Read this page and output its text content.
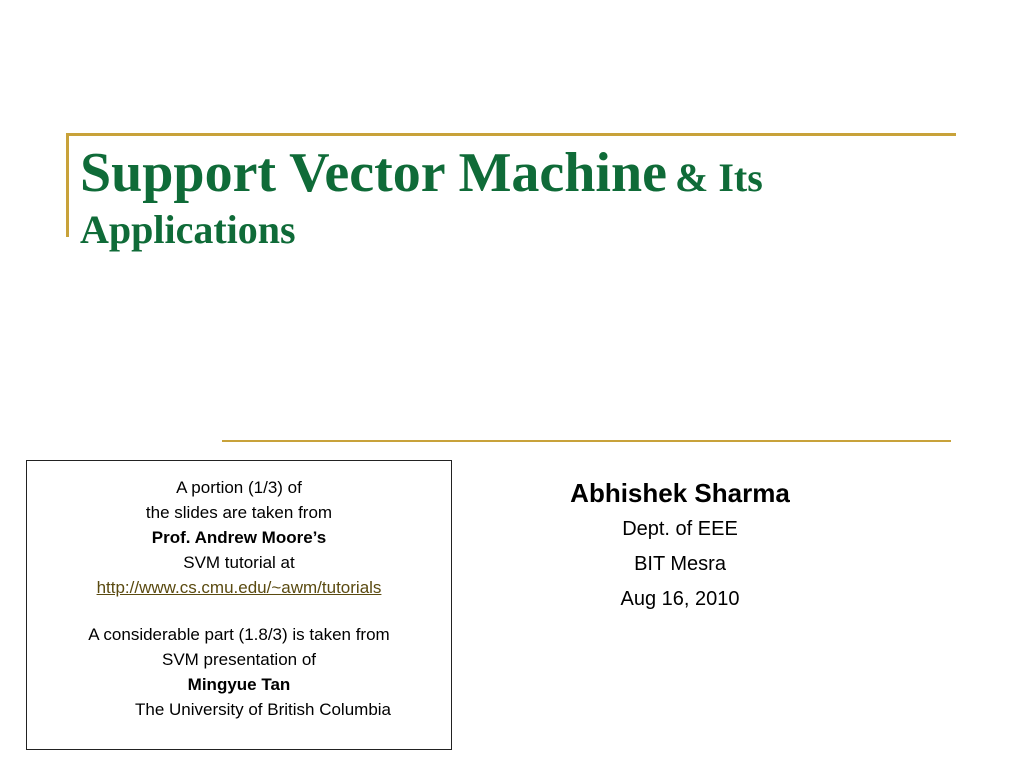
Support Vector Machine & Its
Applications
A portion (1/3) of
the slides are taken from
Prof. Andrew Moore’s
SVM tutorial at
http://www.cs.cmu.edu/~awm/tutorials
A considerable part (1.8/3) is taken from
SVM presentation of
Mingyue Tan
The University of British Columbia
Abhishek Sharma
Dept. of EEE
BIT Mesra
Aug 16, 2010
